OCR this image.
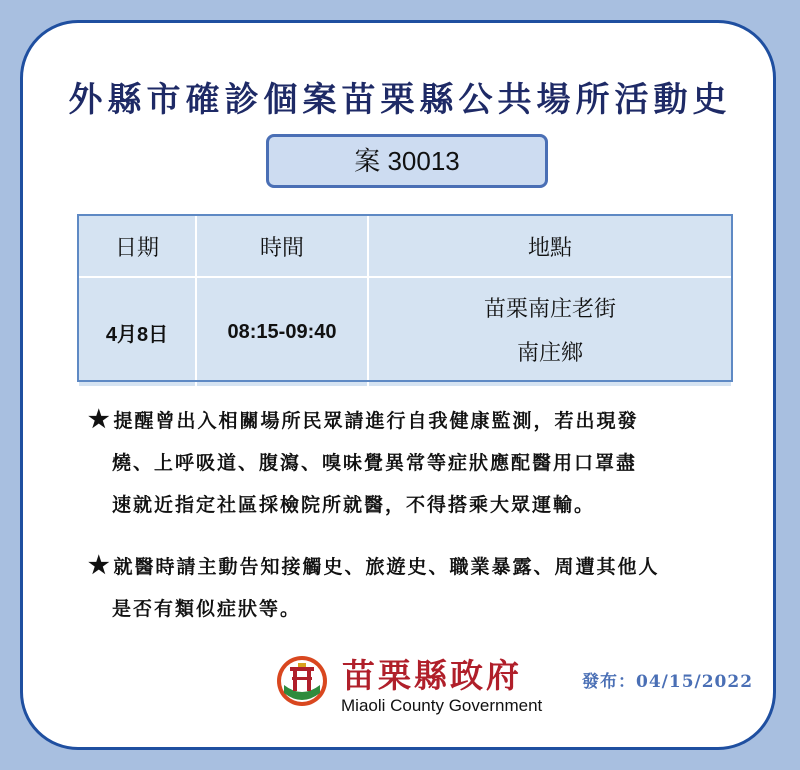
外縣市確診個案苗栗縣公共場所活動史
案 30013
日期	時間	地點
4月8日	08:15-09:40	苗栗南庄老街
南庄鄉
★ 提醒曾出入相關場所民眾請進行自我健康監測，若出現發
燒、上呼吸道、腹瀉、嗅味覺異常等症狀應配醫用口罩盡
速就近指定社區採檢院所就醫，不得搭乘大眾運輸。
★ 就醫時請主動告知接觸史、旅遊史、職業暴露、周遭其他人
是否有類似症狀等。
苗栗縣政府
Miaoli County Government
發布：04/15/2022
